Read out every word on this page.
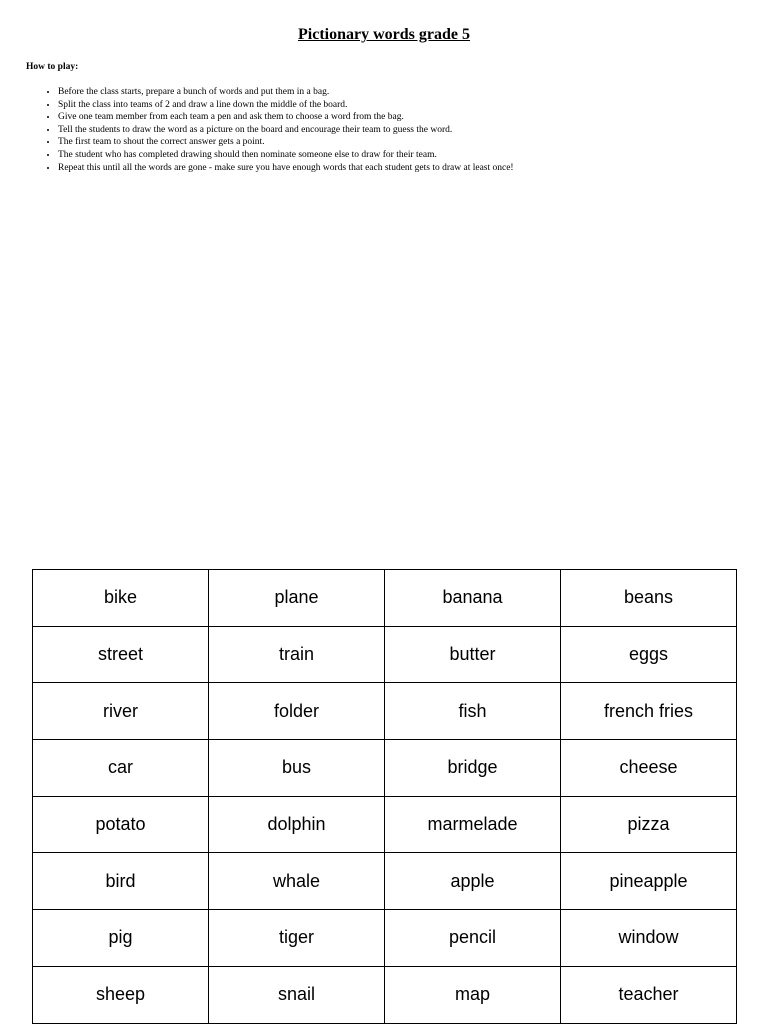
Pictionary words grade 5
How to play:
• Before the class starts, prepare a bunch of words and put them in a bag.
• Split the class into teams of 2 and draw a line down the middle of the board.
• Give one team member from each team a pen and ask them to choose a word from the bag.
• Tell the students to draw the word as a picture on the board and encourage their team to guess the word.
• The first team to shout the correct answer gets a point.
• The student who has completed drawing should then nominate someone else to draw for their team.
• Repeat this until all the words are gone - make sure you have enough words that each student gets to draw at least once!
bike	plane	banana	beans
street	train	butter	eggs
river	folder	fish	french fries
car	bus	bridge	cheese
potato	dolphin	marmelade	pizza
bird	whale	apple	pineapple
pig	tiger	pencil	window
sheep	snail	map	teacher
